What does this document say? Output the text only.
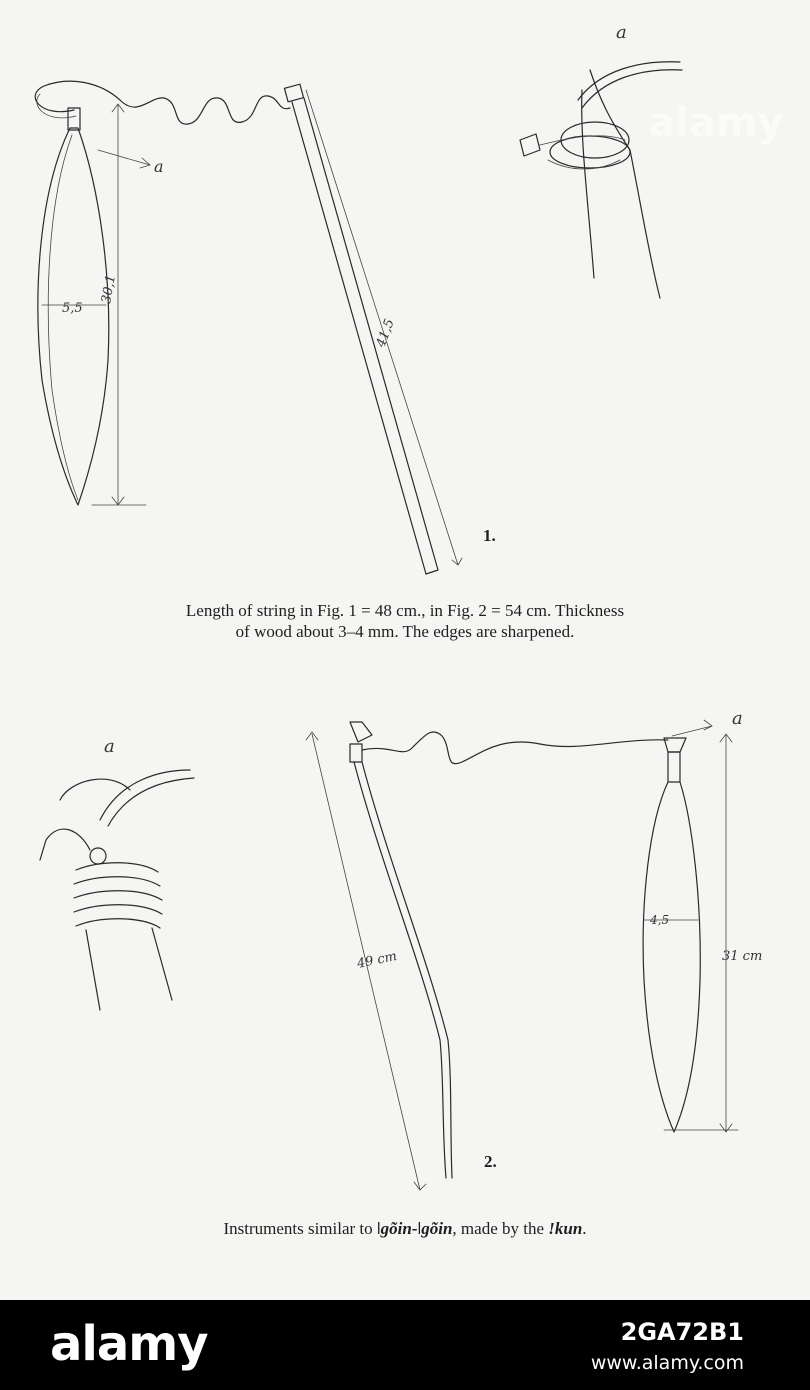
a
a
5,5
30,1
41,5
a
a
49 cm
4,5
31 cm
1.
Length of string in Fig. 1 = 48 cm., in Fig. 2 = 54 cm. Thickness
of wood about 3–4 mm. The edges are sharpened.
2.
Instruments similar to ǀgõin-ǀgõin, made by the ǃkun.
alamy
alamy	2GA72B1
www.alamy.com
